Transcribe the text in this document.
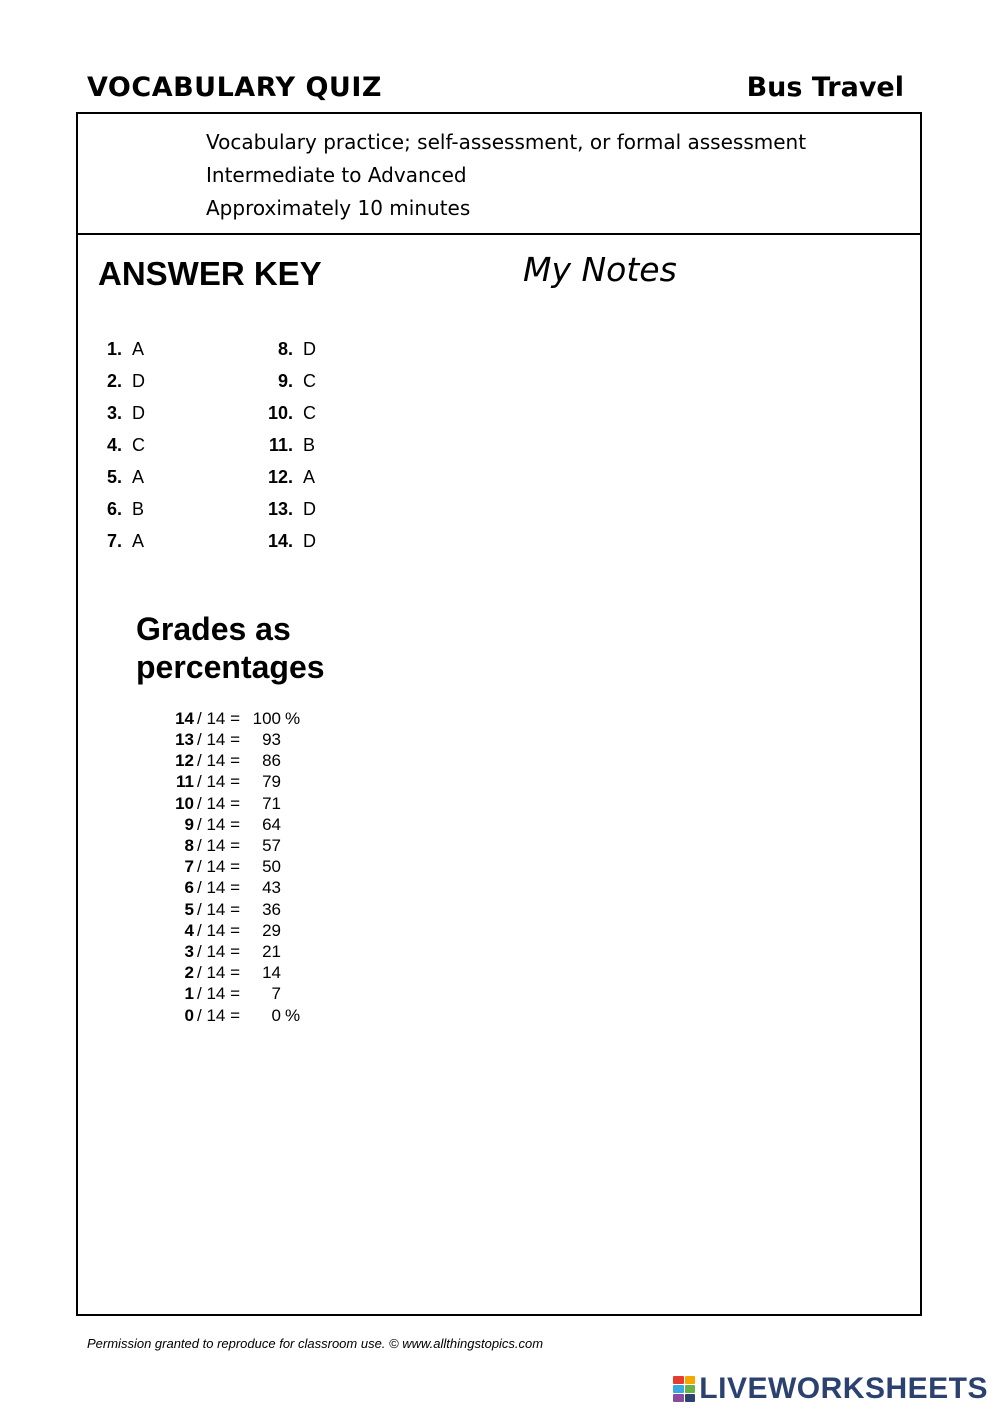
VOCABULARY QUIZ	Bus Travel
Vocabulary practice; self-assessment, or formal assessment
Intermediate to Advanced
Approximately 10 minutes
ANSWER KEY	My Notes
1. A
2. D
3. D
4. C
5. A
6. B
7. A
8. D
9. C
10. C
11. B
12. A
13. D
14. D
Grades as percentages
14 / 14 = 100 %
13 / 14 =	93
12 / 14 =	86
11 / 14 =	79
10 / 14 =	71
9 / 14 =	64
8 / 14 =	57
7 / 14 =	50
6 / 14 =	43
5 / 14 =	36
4 / 14 =	29
3 / 14 =	21
2 / 14 =	14
1 / 14 =	7
0 / 14 =	0 %
Permission granted to reproduce for classroom use. © www.allthingstopics.com
LIVEWORKSHEETS
